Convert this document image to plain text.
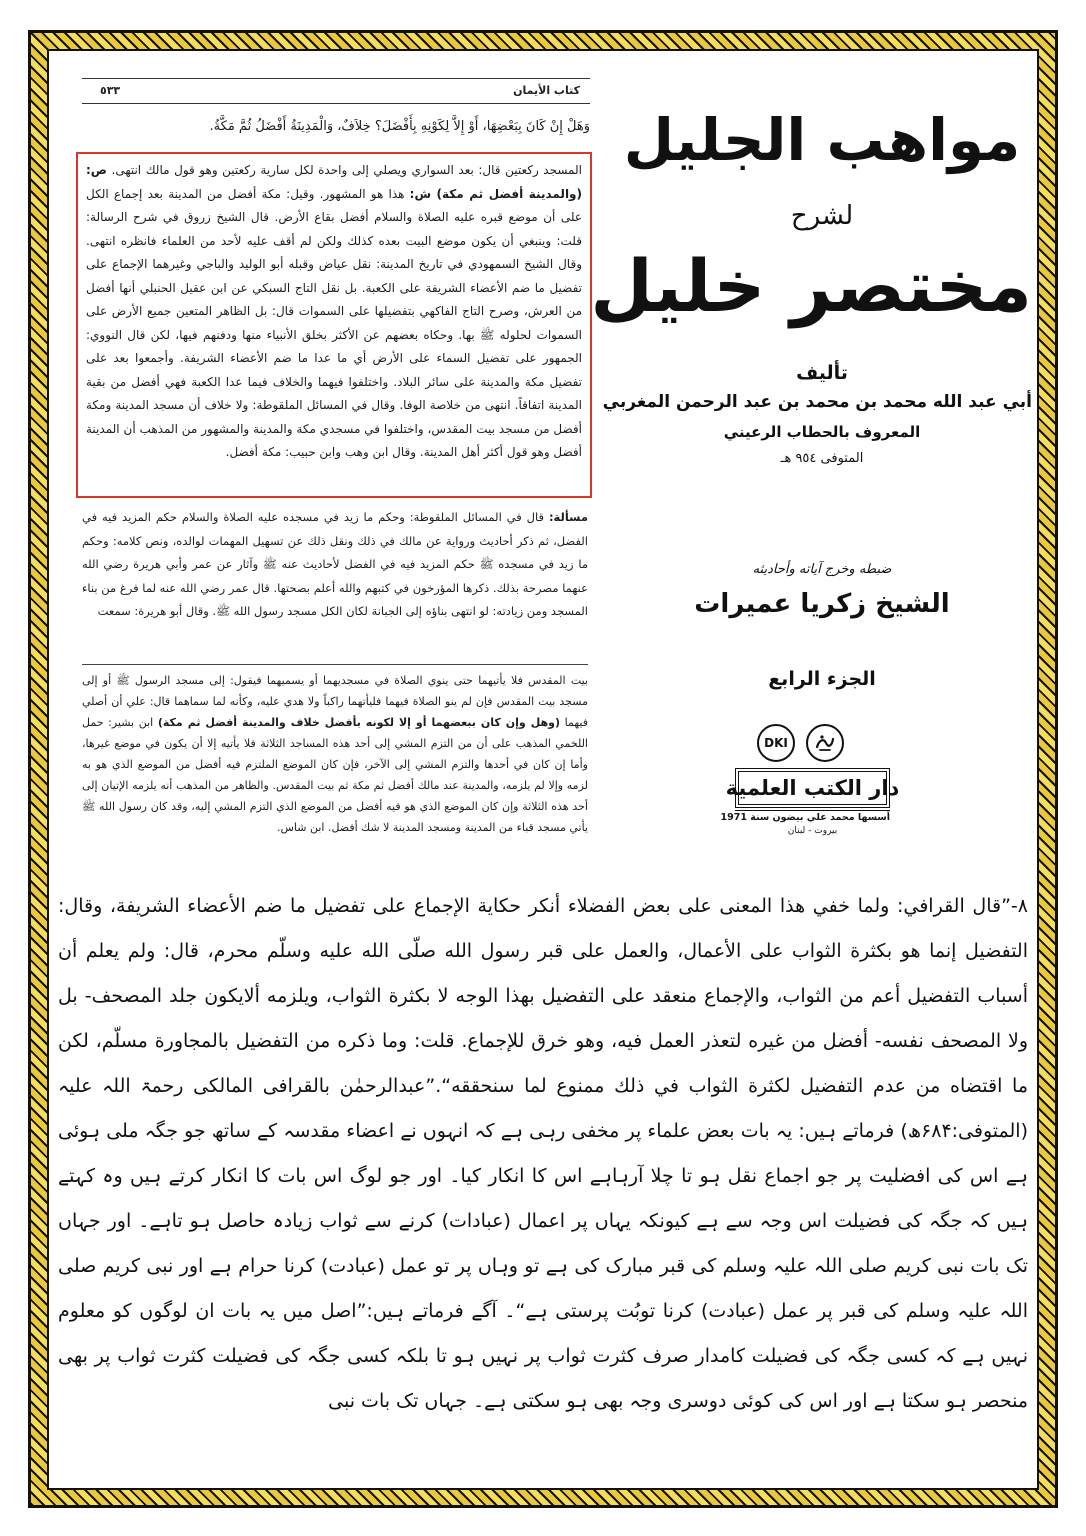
٥٣٣	كتاب الأيمان
وَهَلْ إِنْ كَانَ بِبَعْضِهَا، أَوْ إِلاَّ لِكَوْنِهِ بِأَفْضَلَ؟ خِلاَفٌ، وَالْمَدِينَةُ أَفْضَلُ ثُمَّ مَكَّةُ.

المسجد ركعتين قال: بعد السواري ويصلي إلى واحدة لكل سارية ركعتين وهو قول مالك انتهى. ص: (والمدينة أفضل ثم مكة) ش: هذا هو المشهور. وقيل: مكة أفضل من المدينة بعد إجماع الكل على أن موضع قبره عليه الصلاة والسلام أفضل بقاع الأرض. قال الشيخ زروق في شرح الرسالة: قلت: وينبغي أن يكون موضع البيت بعده كذلك ولكن لم أقف عليه لأحد من العلماء فانظره انتهى. وقال الشيخ السمهودي في تاريخ المدينة: نقل عياض وقبله أبو الوليد والباجي وغيرهما الإجماع على تفضيل ما ضم الأعضاء الشريفة على الكعبة. بل نقل التاج السبكي عن ابن عقيل الحنبلي أنها أفضل من العرش، وصرح التاج الفاكهي بتفضيلها على السموات قال: بل الظاهر المتعين جميع الأرض على السموات لحلوله ﷺ بها. وحكاه بعضهم عن الأكثر بخلق الأنبياء منها ودفنهم فيها، لكن قال النووي: الجمهور على تفضيل السماء على الأرض أي ما عدا ما ضم الأعضاء الشريفة. وأجمعوا بعد على تفضيل مكة والمدينة على سائر البلاد. واختلفوا فيهما والخلاف فيما عدا الكعبة فهي أفضل من بقية المدينة اتفاقاً. انتهى من خلاصة الوفا. وقال في المسائل الملقوطة: ولا خلاف أن مسجد المدينة ومكة أفضل من مسجد بيت المقدس، واختلفوا في مسجدي مكة والمدينة والمشهور من المذهب أن المدينة أفضل وهو قول أكثر أهل المدينة. وقال ابن وهب وابن حبيب: مكة أفضل.

مسألة: قال في المسائل الملقوطة: وحكم ما زيد في مسجده عليه الصلاة والسلام حكم المزيد فيه في الفضل، ثم ذكر أحاديث ورواية عن مالك في ذلك ونقل ذلك عن تسهيل المهمات لوالده، ونص كلامه: وحكم ما زيد في مسجده ﷺ حكم المزيد فيه في الفضل لأحاديث عنه ﷺ وآثار عن عمر وأبي هريرة رضي الله عنهما مصرحة بذلك. ذكرها المؤرخون في كتبهم والله أعلم بصحتها. قال عمر رضي الله عنه لما فرغ من بناء المسجد ومن زيادته: لو انتهى بناؤه إلى الجبانة لكان الكل مسجد رسول الله ﷺ. وقال أبو هريرة: سمعت

بيت المقدس فلا يأتيهما حتى ينوي الصلاة في مسجديهما أو يسميهما فيقول: إلى مسجد الرسول ﷺ أو إلى مسجد بيت المقدس فإن لم ينو الصلاة فيهما فليأتهما راكباً ولا هدي عليه، وكأنه لما سماهما قال: علي أن أصلي فيهما (وهل وإن كان ببعضهما أو إلا لكونه بأفضل خلاف والمدينة أفضل ثم مكة) ابن بشير: حمل اللخمي المذهب على أن من التزم المشي إلى أحد هذه المساجد الثلاثة فلا يأتيه إلا أن يكون في موضع غيرها، وأما إن كان في أحدها والتزم المشي إلى الآخر، فإن كان الموضع الملتزم فيه أفضل من الموضع الذي هو به لزمه وإلا لم يلزمه، والمدينة عند مالك أفضل ثم مكة ثم بيت المقدس. والظاهر من المذهب أنه يلزمه الإتيان إلى أحد هذه الثلاثة وإن كان الموضع الذي هو فيه أفضل من الموضع الذي التزم المشي إليه، وقد كان رسول الله ﷺ يأتي مسجد قباء من المدينة ومسجد المدينة لا شك أفضل. ابن شاس.

مواهب الجليل
لشرح
مختصر خليل
تأليف
أبي عبد الله محمد بن محمد بن عبد الرحمن المغربي
المعروف بالحطاب الرعيني
المتوفى ٩٥٤ هـ
ضبطه وخرج آياته وأحاديثه
الشيخ زكريا عميرات
الجزء الرابع
DKI
دار الكتب العلمية
أسسها محمد علي بيضون سنة 1971
بيروت - لبنان

٨-”قال القرافي: ولما خفي هذا المعنى على بعض الفضلاء أنكر حكاية الإجماع على تفضيل ما ضم الأعضاء الشريفة، وقال: التفضيل إنما هو بكثرة الثواب على الأعمال، والعمل على قبر رسول الله صلّى الله عليه وسلّم محرم، قال: ولم يعلم أن أسباب التفضيل أعم من الثواب، والإجماع منعقد على التفضيل بهذا الوجه لا بكثرة الثواب، ويلزمه ألايكون جلد المصحف- بل ولا المصحف نفسه- أفضل من غيره لتعذر العمل فيه، وهو خرق للإجماع. قلت: وما ذكره من التفضيل بالمجاورة مسلّم، لكن ما اقتضاه من عدم التفضيل لكثرة الثواب في ذلك ممنوع لما سنحققه“.”عبدالرحمٰن بالقرافی المالکی رحمۃ اللہ علیہ (المتوفی:۶۸۴ھ) فرماتے ہیں: یہ بات بعض علماء پر مخفی رہی ہے کہ انہوں نے اعضاء مقدسہ کے ساتھ جو جگہ ملی ہوئی ہے اس کی افضلیت پر جو اجماع نقل ہو تا چلا آرہاہے اس کا انکار کیا۔ اور جو لوگ اس بات کا انکار کرتے ہیں وہ کہتے ہیں کہ جگہ کی فضیلت اس وجہ سے ہے کیونکہ یہاں پر اعمال (عبادات) کرنے سے ثواب زیادہ حاصل ہو تاہے۔ اور جہاں تک بات نبی کریم صلی اللہ علیہ وسلم کی قبر مبارک کی ہے تو وہاں پر تو عمل (عبادت) کرنا حرام ہے اور نبی کریم صلی اللہ علیہ وسلم کی قبر پر عمل (عبادت) کرنا توبُت پرستی ہے“۔ آگے فرماتے ہیں:”اصل میں یہ بات ان لوگوں کو معلوم نہیں ہے کہ کسی جگہ کی فضیلت کامدار صرف کثرت ثواب پر نہیں ہو تا بلکہ کسی جگہ کی فضیلت کثرت ثواب پر بھی منحصر ہو سکتا ہے اور اس کی کوئی دوسری وجہ بھی ہو سکتی ہے۔ جہاں تک بات نبی
